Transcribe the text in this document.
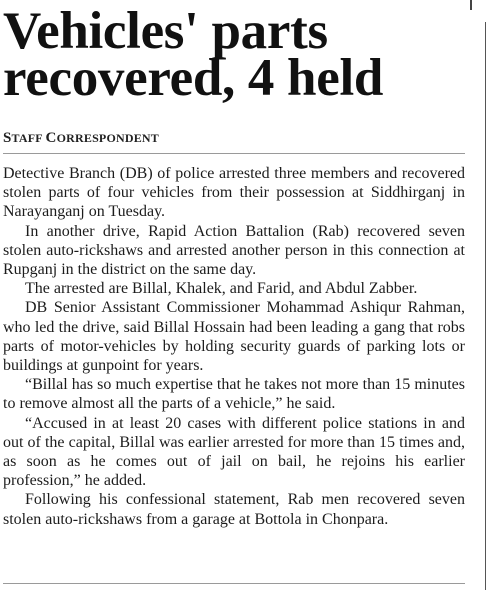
Vehicles' parts
recovered, 4 held
STAFF CORRESPONDENT

Detective Branch (DB) of police arrested three members and recovered stolen parts of four vehicles from their possession at Siddhirganj in Narayanganj on Tuesday.

In another drive, Rapid Action Battalion (Rab) recovered seven stolen auto-rickshaws and arrested another person in this connection at Rupganj in the district on the same day.

The arrested are Billal, Khalek, and Farid, and Abdul Zabber.

DB Senior Assistant Commissioner Mohammad Ashiqur Rahman, who led the drive, said Billal Hossain had been leading a gang that robs parts of motor-vehicles by holding security guards of parking lots or buildings at gunpoint for years.

“Billal has so much expertise that he takes not more than 15 minutes to remove almost all the parts of a vehicle,” he said.

“Accused in at least 20 cases with different police stations in and out of the capital, Billal was earlier arrested for more than 15 times and, as soon as he comes out of jail on bail, he rejoins his earlier profession,” he added.

Following his confessional statement, Rab men recovered seven stolen auto-rickshaws from a garage at Bottola in Chonpara.
